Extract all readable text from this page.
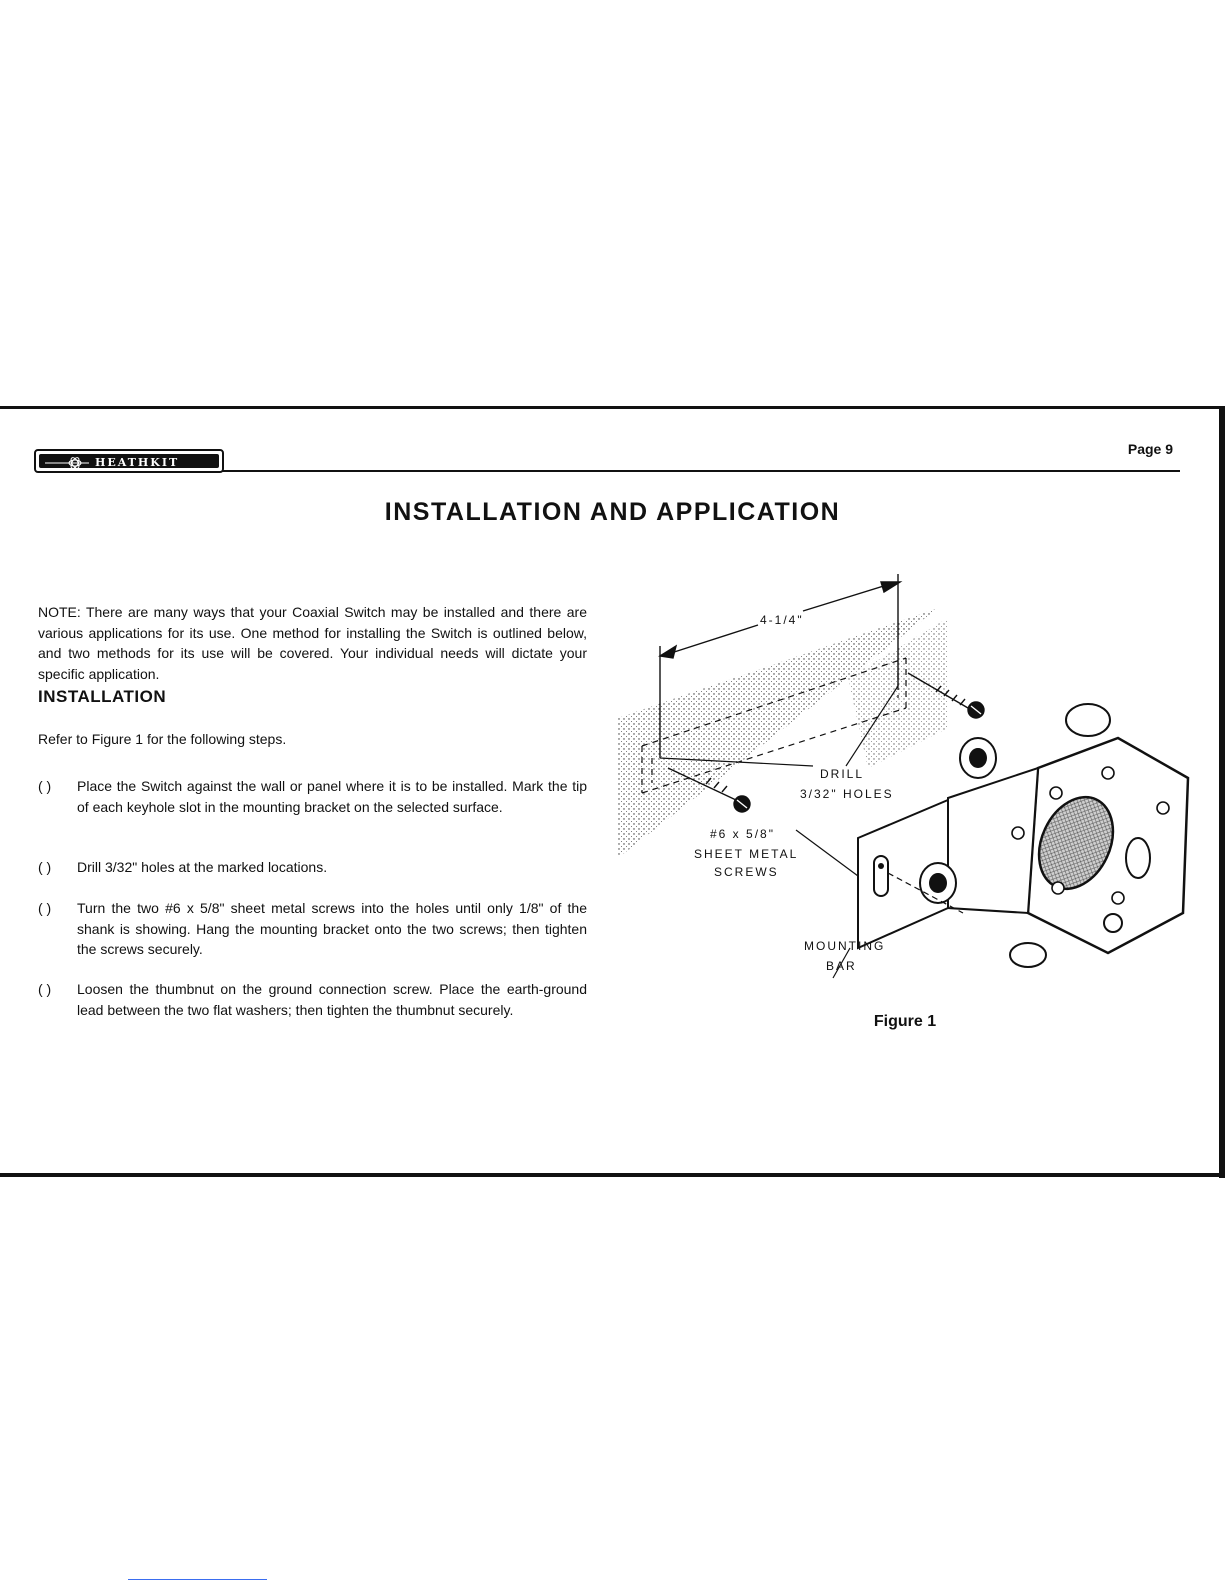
HEATHKIT
Page 9
INSTALLATION AND APPLICATION

NOTE: There are many ways that your Coaxial Switch may be installed and there are various applications for its use. One method for installing the Switch is outlined below, and two methods for its use will be covered. Your individual needs will dictate your specific application.

INSTALLATION

Refer to Figure 1 for the following steps.

( )	Place the Switch against the wall or panel where it is to be installed. Mark the tip of each keyhole slot in the mounting bracket on the selected surface.
( )	Drill 3/32" holes at the marked locations.
( )	Turn the two #6 x 5/8" sheet metal screws into the holes until only 1/8" of the shank is showing. Hang the mounting bracket onto the two screws; then tighten the screws securely.
( )	Loosen the thumbnut on the ground connection screw. Place the earth-ground lead between the two flat washers; then tighten the thumbnut securely.
4-1/4"
DRILL
3/32" HOLES
#6 x 5/8"
SHEET METAL
SCREWS
MOUNTING
BAR
Figure 1
